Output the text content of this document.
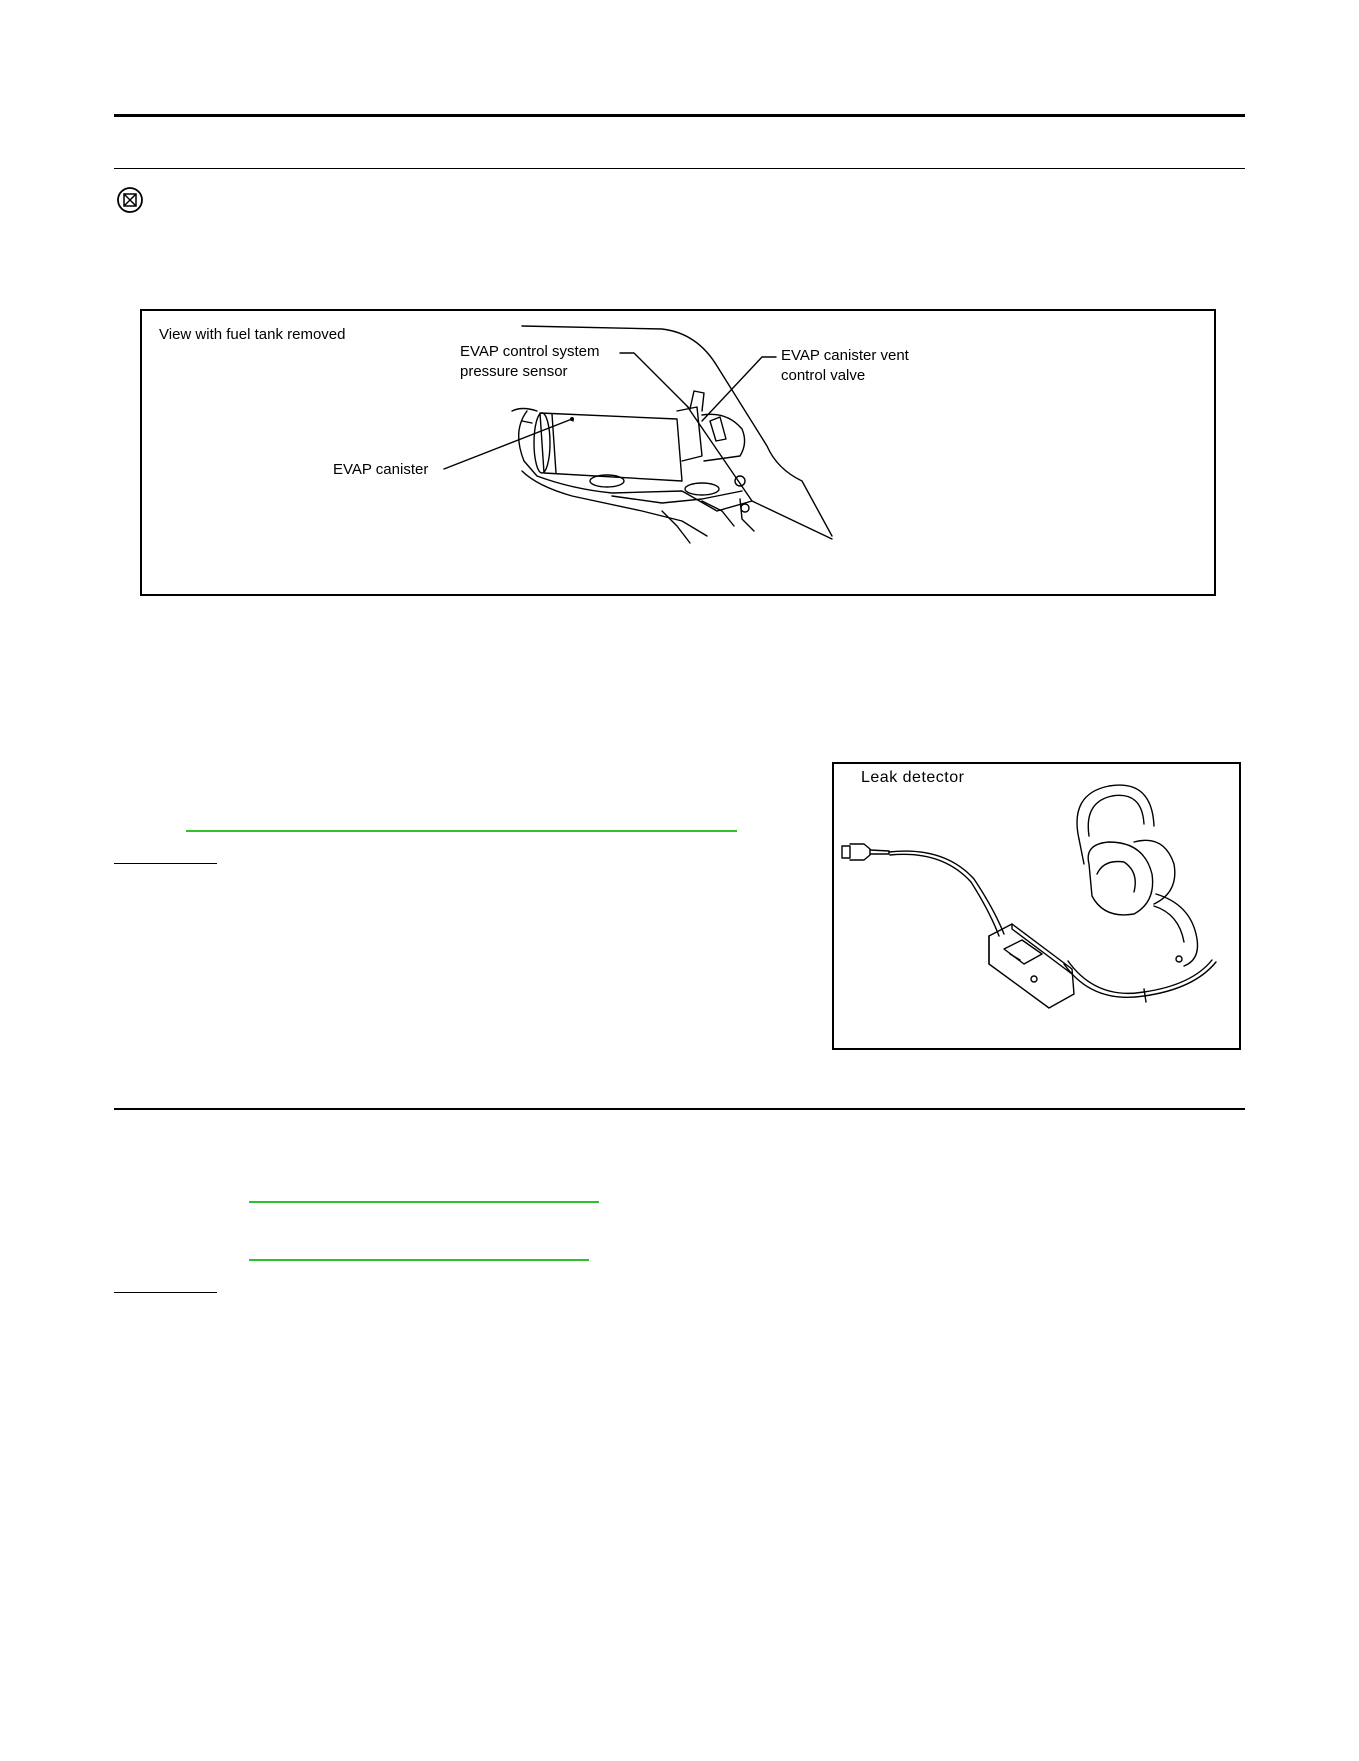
View with fuel tank removed
EVAP control system
pressure sensor
EVAP canister vent
control valve
EVAP canister
Leak detector
